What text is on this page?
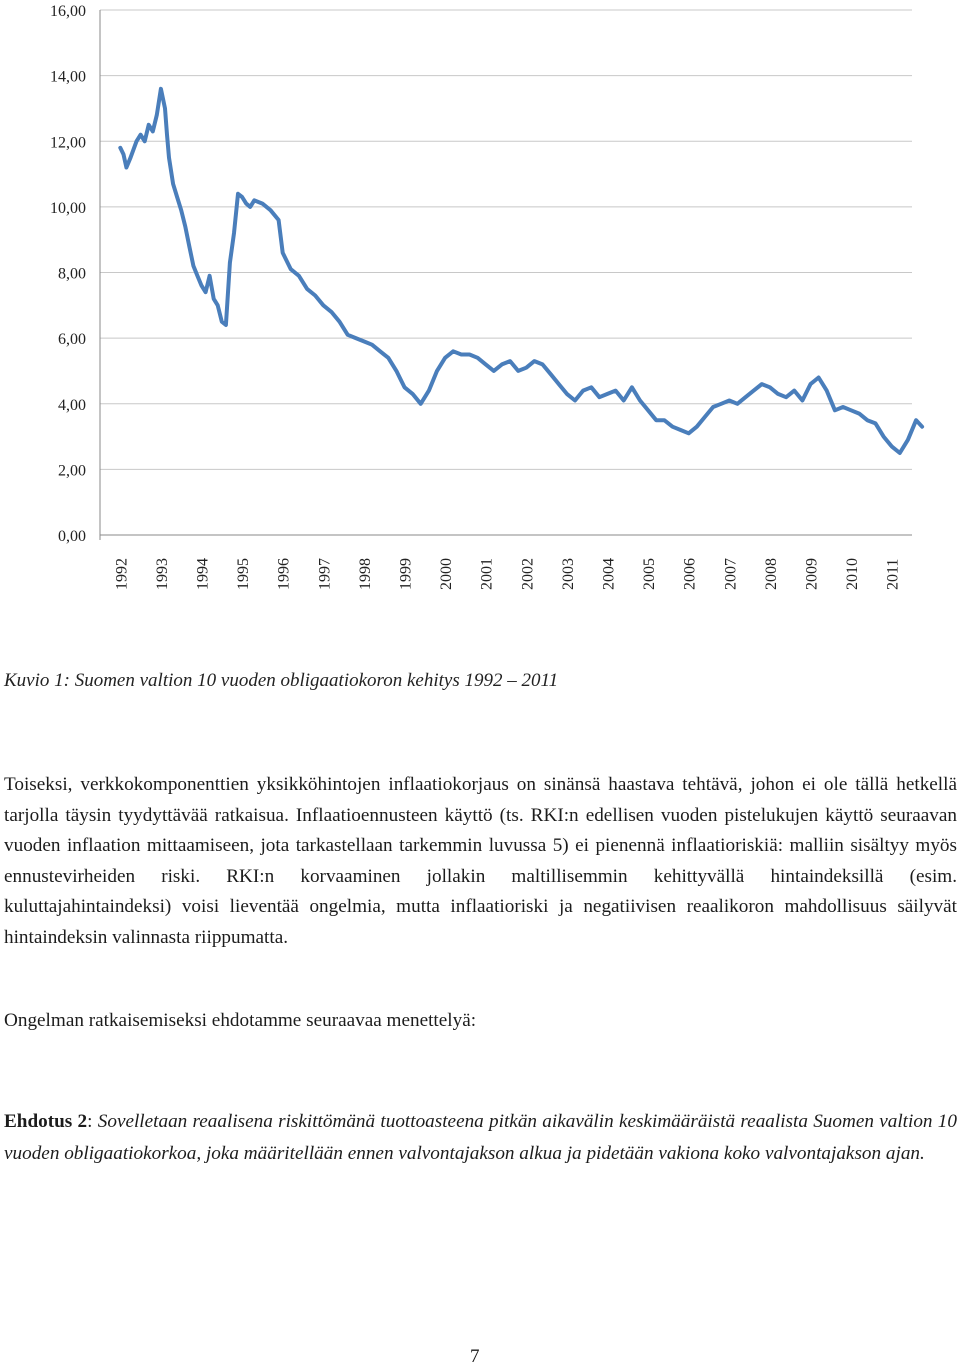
0,00
2,00
4,00
6,00
8,00
10,00
12,00
14,00
16,00
1992 1993 1994 1995 1996 1997 1998 1999 2000 2001 2002 2003 2004 2005 2006 2007 2008 2009 2010 2011
Kuvio 1: Suomen valtion 10 vuoden obligaatiokoron kehitys 1992 – 2011

Toiseksi, verkkokomponenttien yksikköhintojen inflaatiokorjaus on sinänsä haastava tehtävä, johon ei ole tällä hetkellä tarjolla täysin tyydyttävää ratkaisua. Inflaatioennusteen käyttö (ts. RKI:n edellisen vuoden pistelukujen käyttö seuraavan vuoden inflaation mittaamiseen, jota tarkastellaan tarkemmin luvussa 5) ei pienennä inflaatioriskiä: malliin sisältyy myös ennustevirheiden riski. RKI:n korvaaminen jollakin maltillisemmin kehittyvällä hintaindeksillä (esim. kuluttajahintaindeksi) voisi lieventää ongelmia, mutta inflaatioriski ja negatiivisen reaalikoron mahdollisuus säilyvät hintaindeksin valinnasta riippumatta.

Ongelman ratkaisemiseksi ehdotamme seuraavaa menettelyä:

Ehdotus 2: Sovelletaan reaalisena riskittömänä tuottoasteena pitkän aikavälin keskimääräistä reaalista Suomen valtion 10 vuoden obligaatiokorkoa, joka määritellään ennen valvontajakson alkua ja pidetään vakiona koko valvontajakson ajan.

7
